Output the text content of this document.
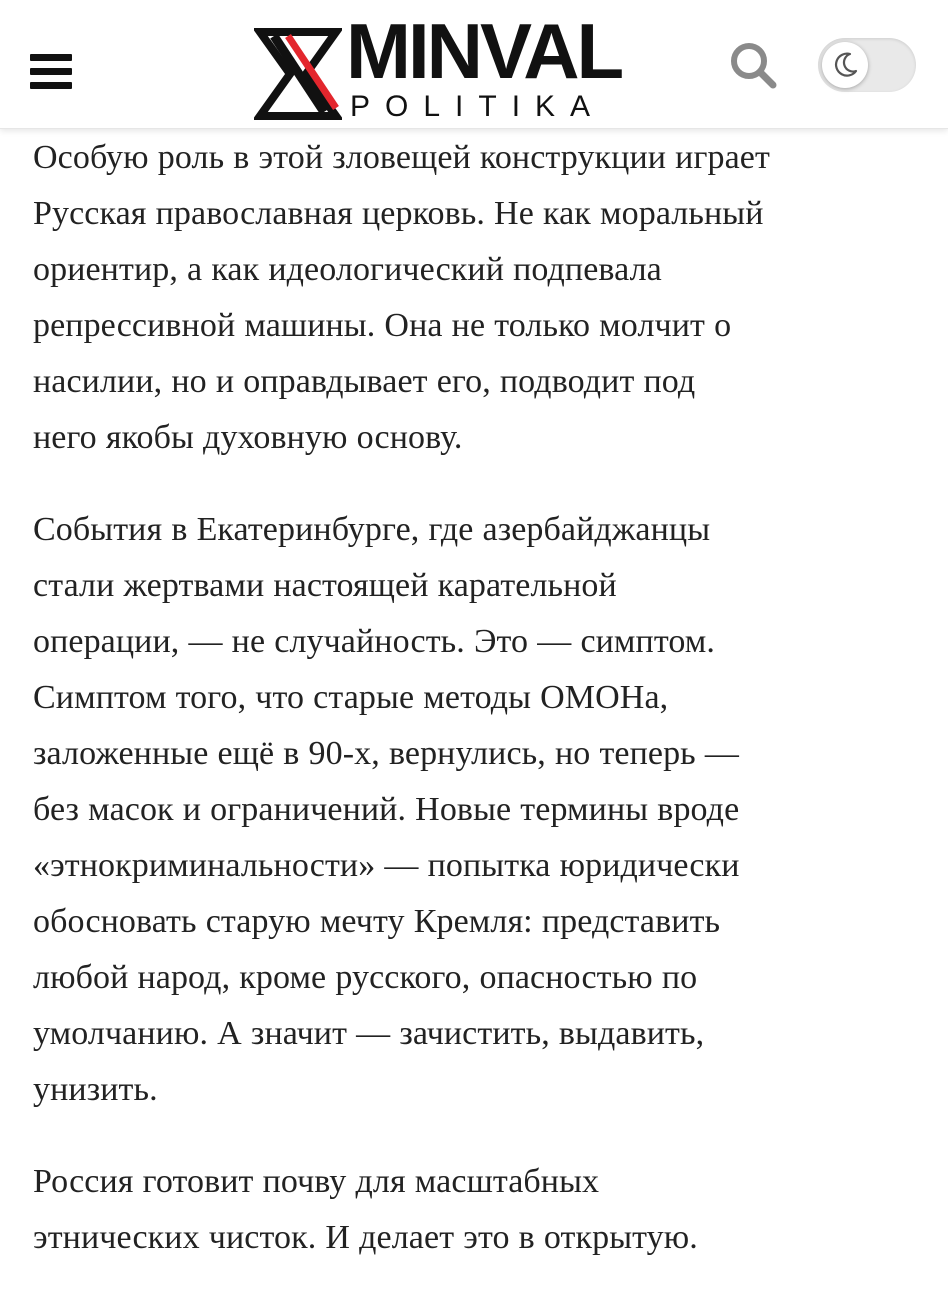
MINVAL
POLITIKA

Особую роль в этой зловещей конструкции играет
Русская православная церковь. Не как моральный
ориентир, а как идеологический подпевала
репрессивной машины. Она не только молчит о
насилии, но и оправдывает его, подводит под
него якобы духовную основу.

События в Екатеринбурге, где азербайджанцы
стали жертвами настоящей карательной
операции, — не случайность. Это — симптом.
Симптом того, что старые методы ОМОНа,
заложенные ещё в 90-х, вернулись, но теперь —
без масок и ограничений. Новые термины вроде
«этнокриминальности» — попытка юридически
обосновать старую мечту Кремля: представить
любой народ, кроме русского, опасностью по
умолчанию. А значит — зачистить, выдавить,
унизить.

Россия готовит почву для масштабных
этнических чисток. И делает это в открытую.
